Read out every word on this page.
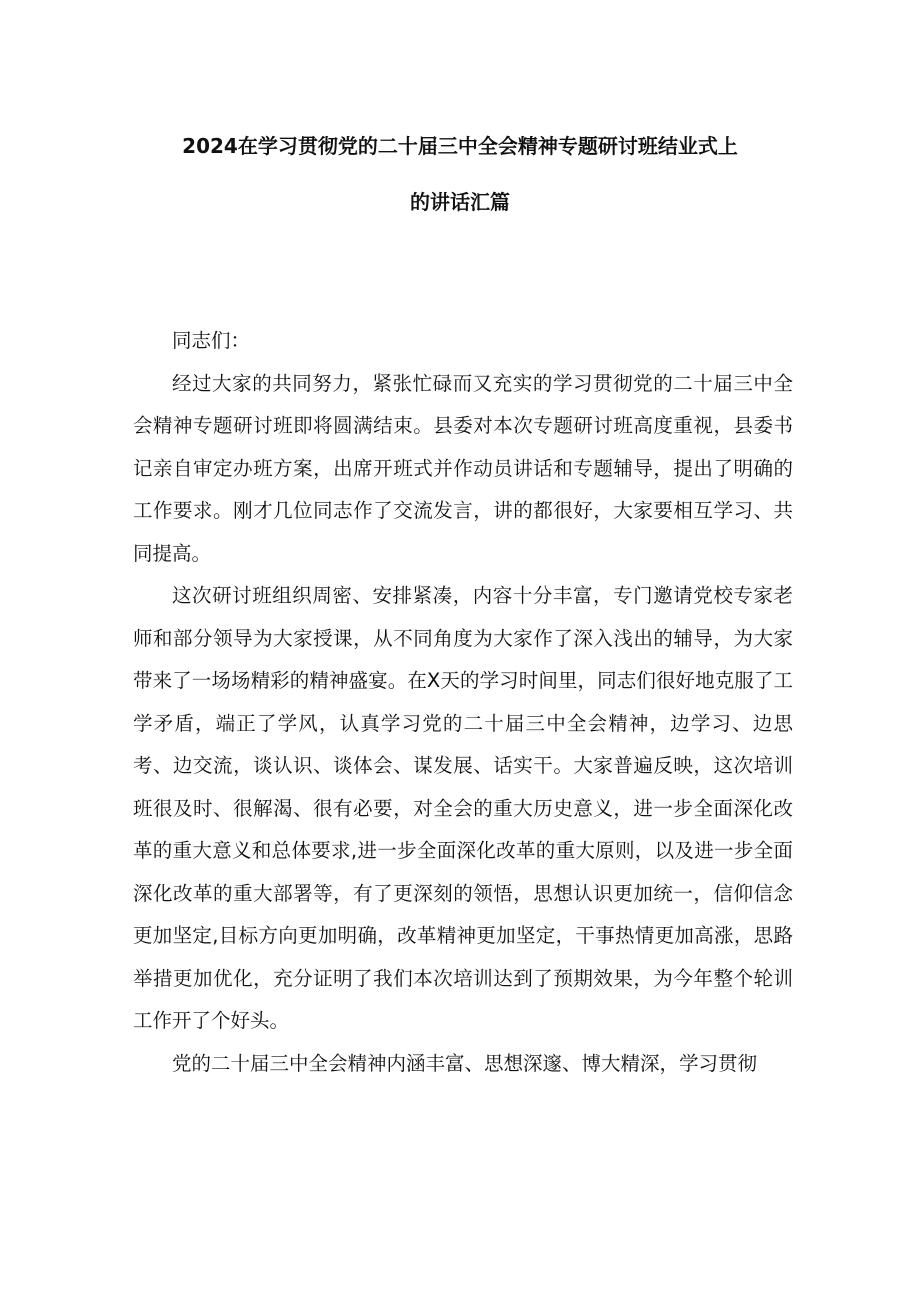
2024在学习贯彻党的二十届三中全会精神专题研讨班结业式上
的讲话汇篇

同志们：

经过大家的共同努力，紧张忙碌而又充实的学习贯彻党的二十届三中全会精神专题研讨班即将圆满结束。县委对本次专题研讨班高度重视，县委书记亲自审定办班方案，出席开班式并作动员讲话和专题辅导，提出了明确的工作要求。刚才几位同志作了交流发言，讲的都很好，大家要相互学习、共同提高。

这次研讨班组织周密、安排紧凑，内容十分丰富，专门邀请党校专家老师和部分领导为大家授课，从不同角度为大家作了深入浅出的辅导，为大家带来了一场场精彩的精神盛宴。在X天的学习时间里，同志们很好地克服了工学矛盾，端正了学风，认真学习党的二十届三中全会精神，边学习、边思考、边交流，谈认识、谈体会、谋发展、话实干。大家普遍反映，这次培训班很及时、很解渴、很有必要，对全会的重大历史意义，进一步全面深化改革的重大意义和总体要求,进一步全面深化改革的重大原则，以及进一步全面深化改革的重大部署等，有了更深刻的领悟，思想认识更加统一，信仰信念更加坚定,目标方向更加明确，改革精神更加坚定，干事热情更加高涨，思路举措更加优化，充分证明了我们本次培训达到了预期效果，为今年整个轮训工作开了个好头。

党的二十届三中全会精神内涵丰富、思想深邃、博大精深，学习贯彻
